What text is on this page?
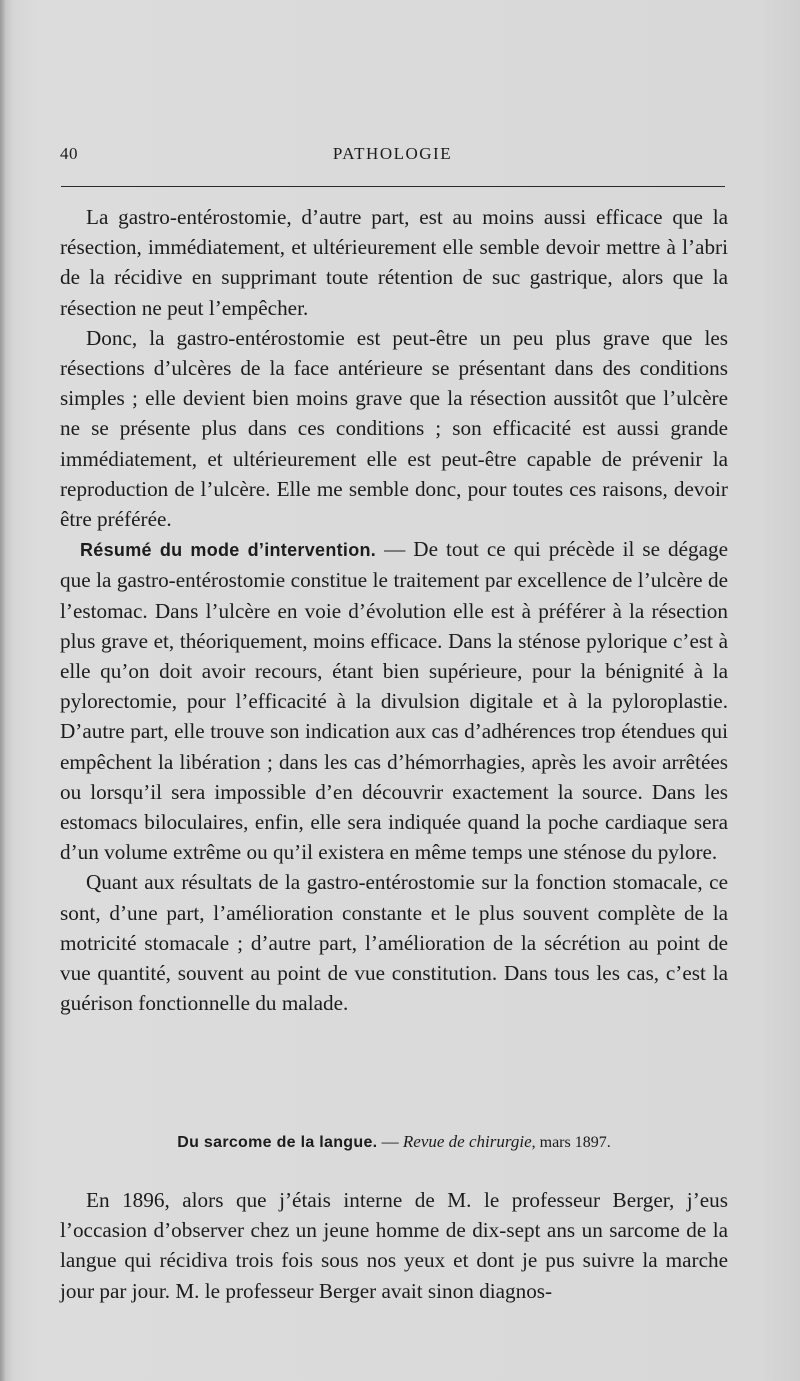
40	PATHOLOGIE

La gastro-entérostomie, d’autre part, est au moins aussi efficace que la résection, immédiatement, et ultérieurement elle semble devoir mettre à l’abri de la récidive en supprimant toute rétention de suc gastrique, alors que la résection ne peut l’empêcher.

Donc, la gastro-entérostomie est peut-être un peu plus grave que les résections d’ulcères de la face antérieure se présentant dans des conditions simples ; elle devient bien moins grave que la résection aussitôt que l’ulcère ne se présente plus dans ces conditions ; son efficacité est aussi grande immédiatement, et ultérieurement elle est peut-être capable de prévenir la reproduction de l’ulcère. Elle me semble donc, pour toutes ces raisons, devoir être préférée.

Résumé du mode d’intervention. — De tout ce qui précède il se dégage que la gastro-entérostomie constitue le traitement par excellence de l’ulcère de l’estomac. Dans l’ulcère en voie d’évolution elle est à préférer à la résection plus grave et, théoriquement, moins efficace. Dans la sténose pylorique c’est à elle qu’on doit avoir recours, étant bien supérieure, pour la bénignité à la pylorectomie, pour l’efficacité à la divulsion digitale et à la pyloroplastie. D’autre part, elle trouve son indication aux cas d’adhérences trop étendues qui empêchent la libération ; dans les cas d’hémorrhagies, après les avoir arrêtées ou lorsqu’il sera impossible d’en découvrir exactement la source. Dans les estomacs biloculaires, enfin, elle sera indiquée quand la poche cardiaque sera d’un volume extrême ou qu’il existera en même temps une sténose du pylore.

Quant aux résultats de la gastro-entérostomie sur la fonction stomacale, ce sont, d’une part, l’amélioration constante et le plus souvent complète de la motricité stomacale ; d’autre part, l’amélioration de la sécrétion au point de vue quantité, souvent au point de vue constitution. Dans tous les cas, c’est la guérison fonctionnelle du malade.

Du sarcome de la langue. — Revue de chirurgie, mars 1897.

En 1896, alors que j’étais interne de M. le professeur Berger, j’eus l’occasion d’observer chez un jeune homme de dix-sept ans un sarcome de la langue qui récidiva trois fois sous nos yeux et dont je pus suivre la marche jour par jour. M. le professeur Berger avait sinon diagnos-
